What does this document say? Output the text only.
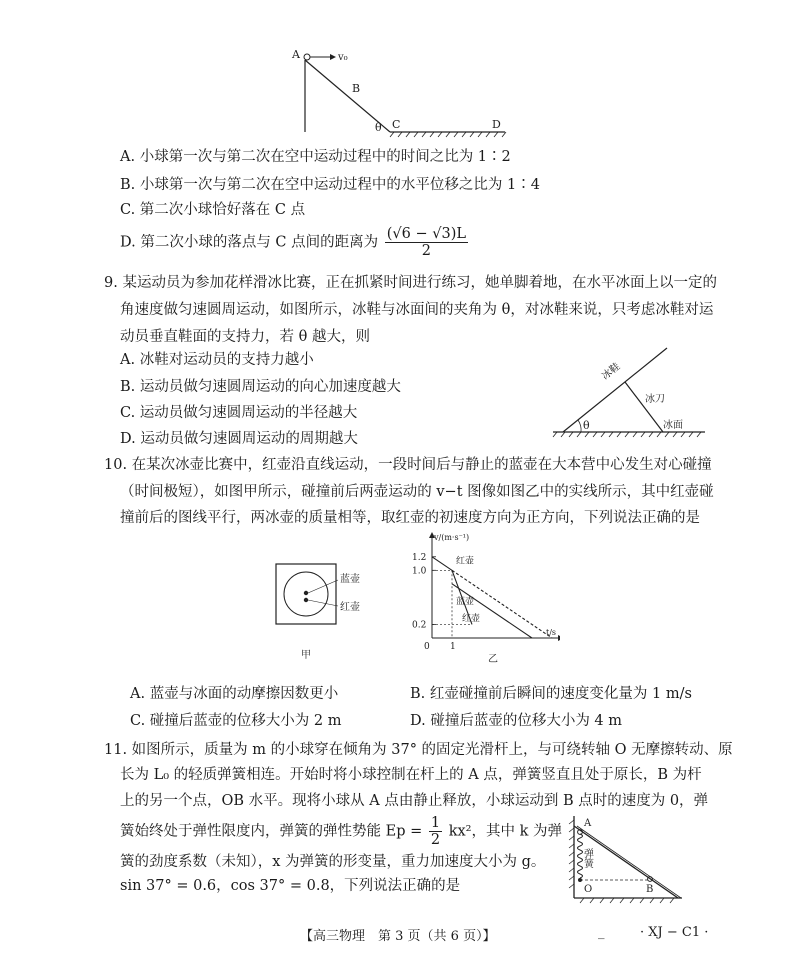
A	v₀
B
θ C	D
A. 小球第一次与第二次在空中运动过程中的时间之比为 1∶2
B. 小球第一次与第二次在空中运动过程中的水平位移之比为 1∶4
C. 第二次小球恰好落在 C 点
D. 第二次小球的落点与 C 点间的距离为 $\frac{(√6 - √3)L}{2}$
9. 某运动员为参加花样滑冰比赛，正在抓紧时间进行练习，她单脚着地，在水平冰面上以一定的
角速度做匀速圆周运动，如图所示，冰鞋与冰面间的夹角为 θ，对冰鞋来说，只考虑冰鞋对运
动员垂直鞋面的支持力，若 θ 越大，则
A. 冰鞋对运动员的支持力越小
B. 运动员做匀速圆周运动的向心加速度越大
C. 运动员做匀速圆周运动的半径越大
D. 运动员做匀速圆周运动的周期越大
θ
冰鞋
冰刀
冰面
10. 在某次冰壶比赛中，红壶沿直线运动，一段时间后与静止的蓝壶在大本营中心发生对心碰撞
（时间极短），如图甲所示，碰撞前后两壶运动的 v−t 图像如图乙中的实线所示，其中红壶碰
撞前后的图线平行，两冰壶的质量相等，取红壶的初速度方向为正方向，下列说法正确的是
蓝壶
红壶
甲
v/(m·s⁻¹)
t/s
1.2
1.0
0.2
0 1
红壶
蓝壶
红壶
乙
A. 蓝壶与冰面的动摩擦因数更小	B. 红壶碰撞前后瞬间的速度变化量为 1 m/s
C. 碰撞后蓝壶的位移大小为 2 m	D. 碰撞后蓝壶的位移大小为 4 m
11. 如图所示，质量为 m 的小球穿在倾角为 37° 的固定光滑杆上，与可绕转轴 O 无摩擦转动、原
长为 L₀ 的轻质弹簧相连。开始时将小球控制在杆上的 A 点，弹簧竖直且处于原长，B 为杆
上的另一个点，OB 水平。现将小球从 A 点由静止释放，小球运动到 B 点时的速度为 0，弹
簧始终处于弹性限度内，弹簧的弹性势能 $Ep = \frac{1}{2} kx^2$，其中 k 为弹
簧的劲度系数（未知），x 为弹簧的形变量，重力加速度大小为 g。
sin 37° = 0.6，cos 37° = 0.8，下列说法正确的是
A
弹簧
O	B
【高三物理　第 3 页（共 6 页）】	_	· XJ − C1 ·
